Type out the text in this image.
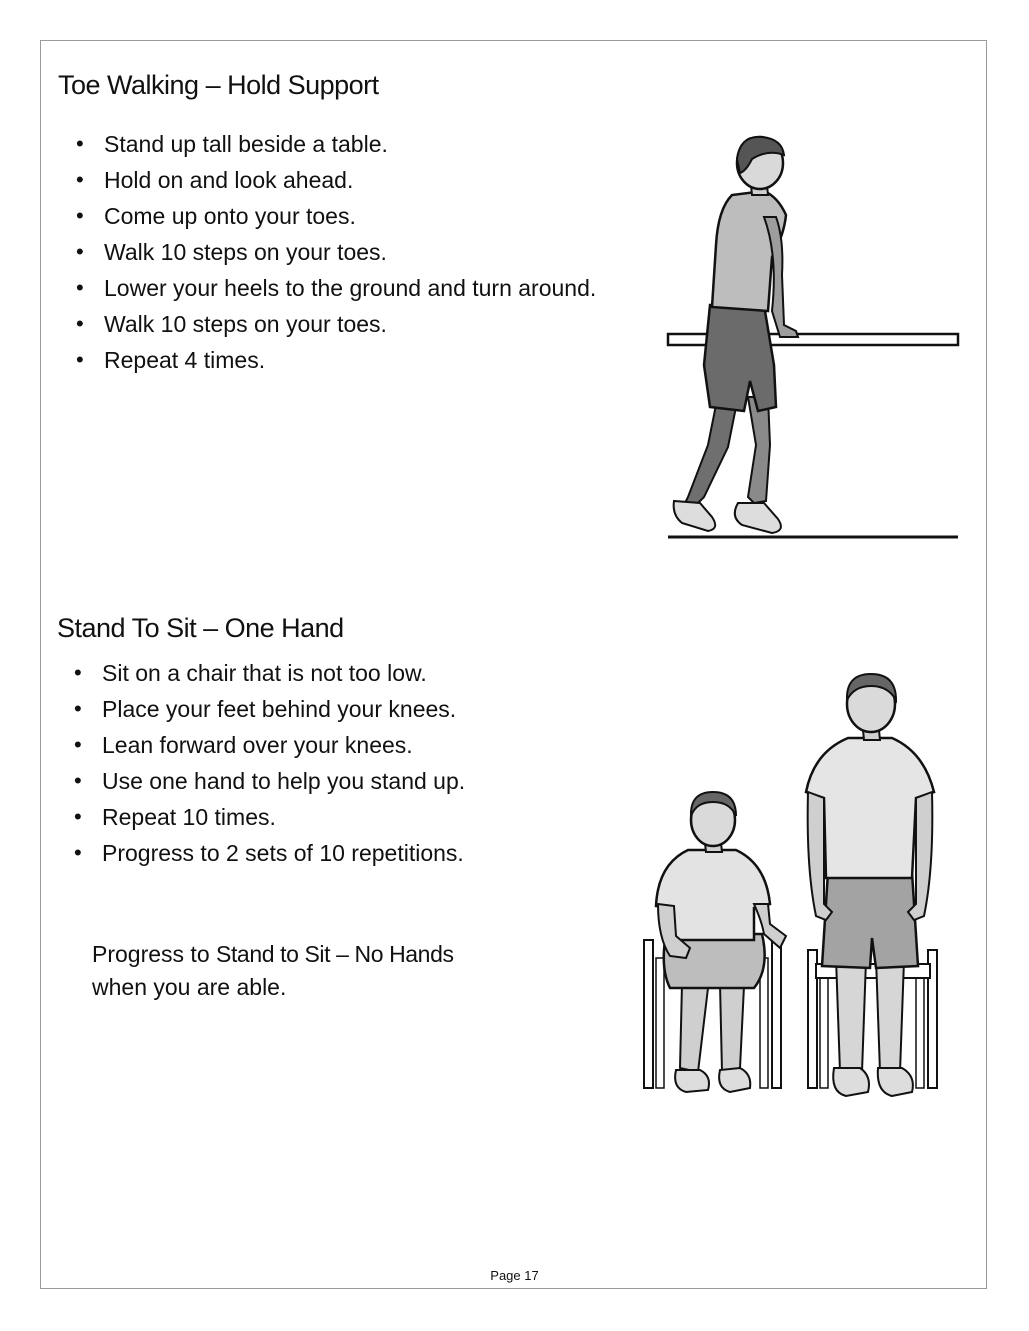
Toe Walking – Hold Support
• Stand up tall beside a table.
• Hold on and look ahead.
• Come up onto your toes.
• Walk 10 steps on your toes.
• Lower your heels to the ground and turn around.
• Walk 10 steps on your toes.
• Repeat 4 times.
Stand To Sit – One Hand
• Sit on a chair that is not too low.
• Place your feet behind your knees.
• Lean forward over your knees.
• Use one hand to help you stand up.
• Repeat 10 times.
• Progress to 2 sets of 10 repetitions.
Progress to Stand to Sit – No Hands
when you are able.
Page 17
